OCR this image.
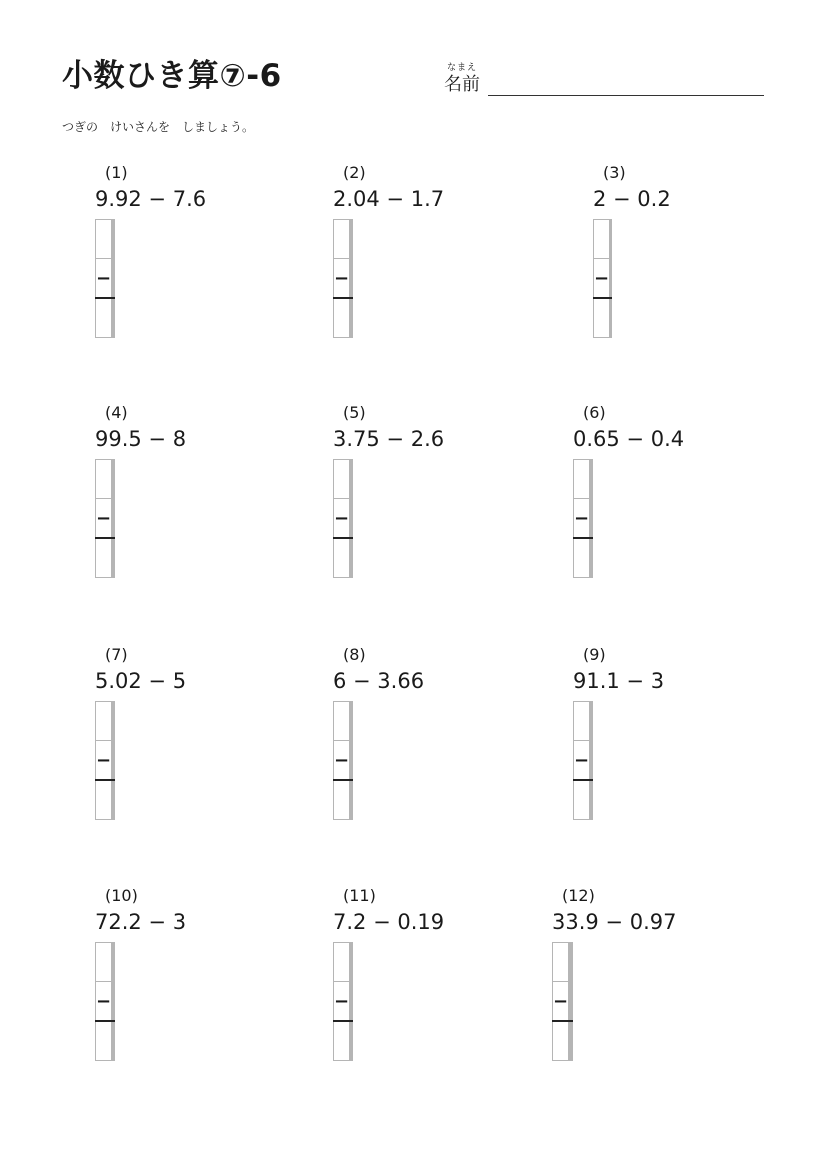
小数ひき算⑦-6	なまえ
名前
つぎの　けいさんを　しましょう。
(1)
9.92 − 7.6

−			

(2)
2.04 − 1.7

−			

(3)
2 − 0.2

−		

(4)
99.5 − 8

−			

(5)
3.75 − 2.6

−			

(6)
0.65 − 0.4

−			

(7)
5.02 − 5

−			

(8)
6 − 3.66

−			

(9)
91.1 − 3

−			

(10)
72.2 − 3

−			

(11)
7.2 − 0.19

−			

(12)
33.9 − 0.97

−				
